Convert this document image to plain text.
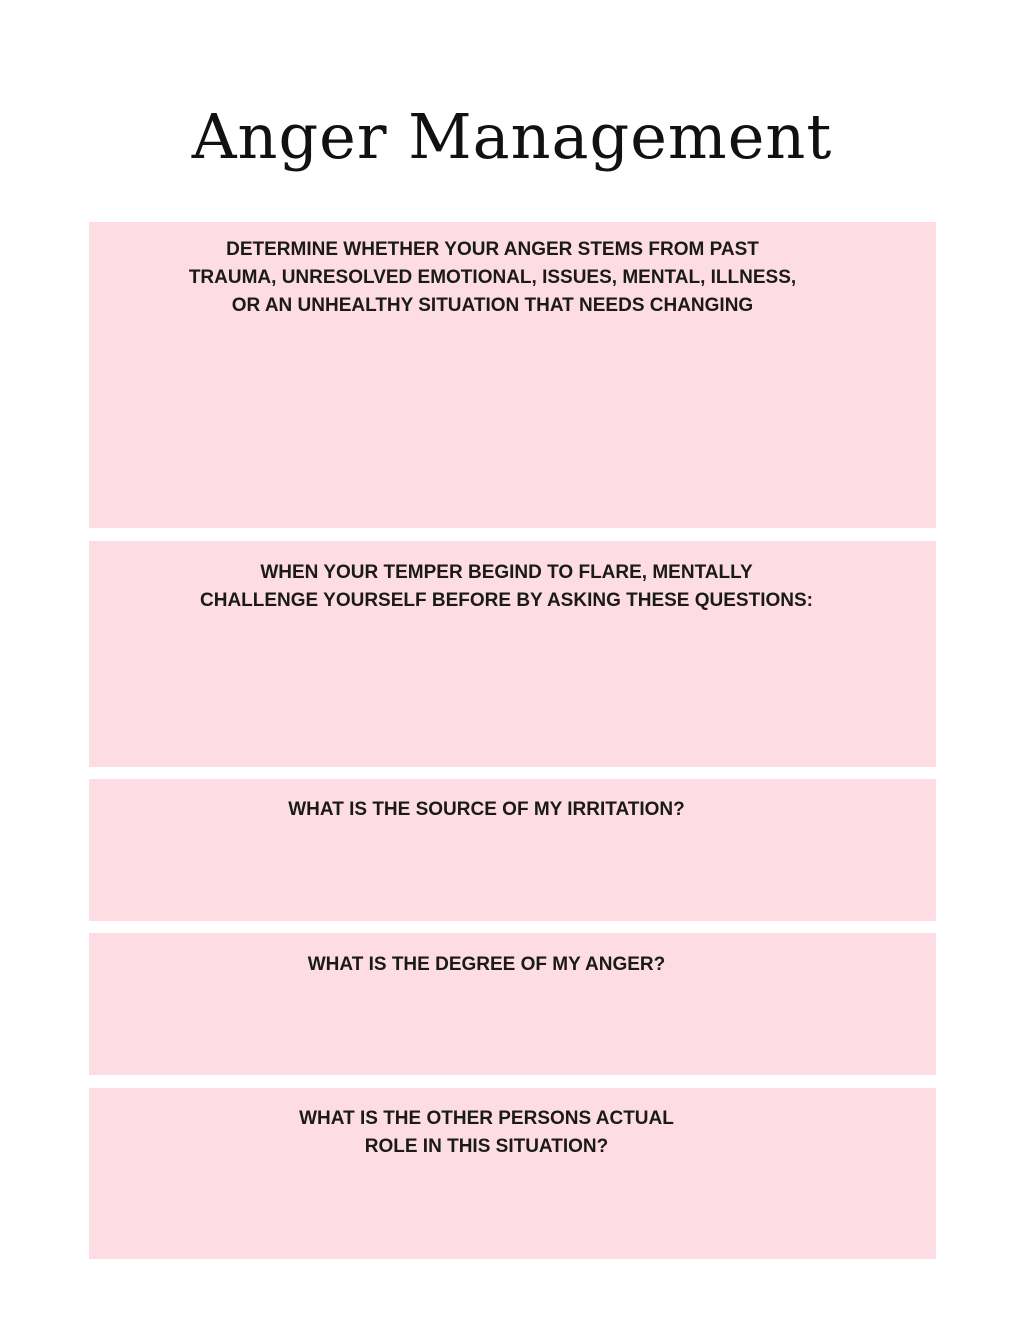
Anger Management

DETERMINE WHETHER YOUR ANGER STEMS FROM PAST
TRAUMA, UNRESOLVED EMOTIONAL, ISSUES, MENTAL, ILLNESS,
OR AN UNHEALTHY SITUATION THAT NEEDS CHANGING

WHEN YOUR TEMPER BEGIND TO FLARE, MENTALLY
CHALLENGE YOURSELF BEFORE BY ASKING THESE QUESTIONS:

WHAT IS THE SOURCE OF MY IRRITATION?

WHAT IS THE DEGREE OF MY ANGER?

WHAT IS THE OTHER PERSONS ACTUAL
ROLE IN THIS SITUATION?
